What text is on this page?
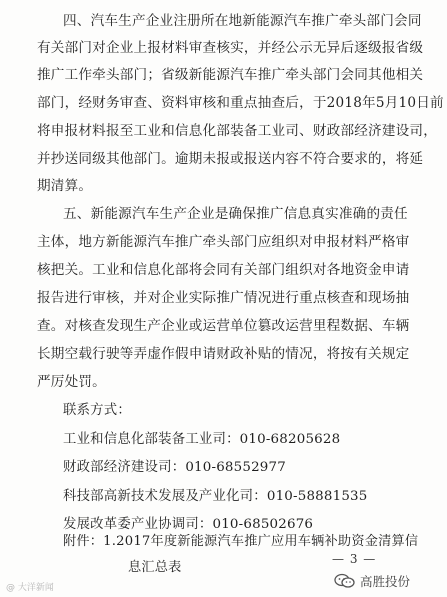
四、汽车生产企业注册所在地新能源汽车推广牵头部门会同
有关部门对企业上报材料审查核实，并经公示无异后逐级报省级
推广工作牵头部门；省级新能源汽车推广牵头部门会同其他相关
部门，经财务审查、资料审核和重点抽查后，于2018年5月10日前
将申报材料报至工业和信息化部装备工业司、财政部经济建设司，
并抄送同级其他部门。逾期未报或报送内容不符合要求的，将延
期清算。
五、新能源汽车生产企业是确保推广信息真实准确的责任
主体，地方新能源汽车推广牵头部门应组织对申报材料严格审
核把关。工业和信息化部将会同有关部门组织对各地资金申请
报告进行审核，并对企业实际推广情况进行重点核查和现场抽
查。对核查发现生产企业或运营单位篡改运营里程数据、车辆
长期空载行驶等弄虚作假申请财政补贴的情况，将按有关规定
严厉处罚。
联系方式：
工业和信息化部装备工业司：010-68205628
财政部经济建设司：010-68552977
科技部高新技术发展及产业化司：010-58881535
发展改革委产业协调司：010-68502676
附件：1.2017年度新能源汽车推广应用车辆补助资金清算信
息汇总表
— 3 —
@ 大洋新闻	高胜投份
